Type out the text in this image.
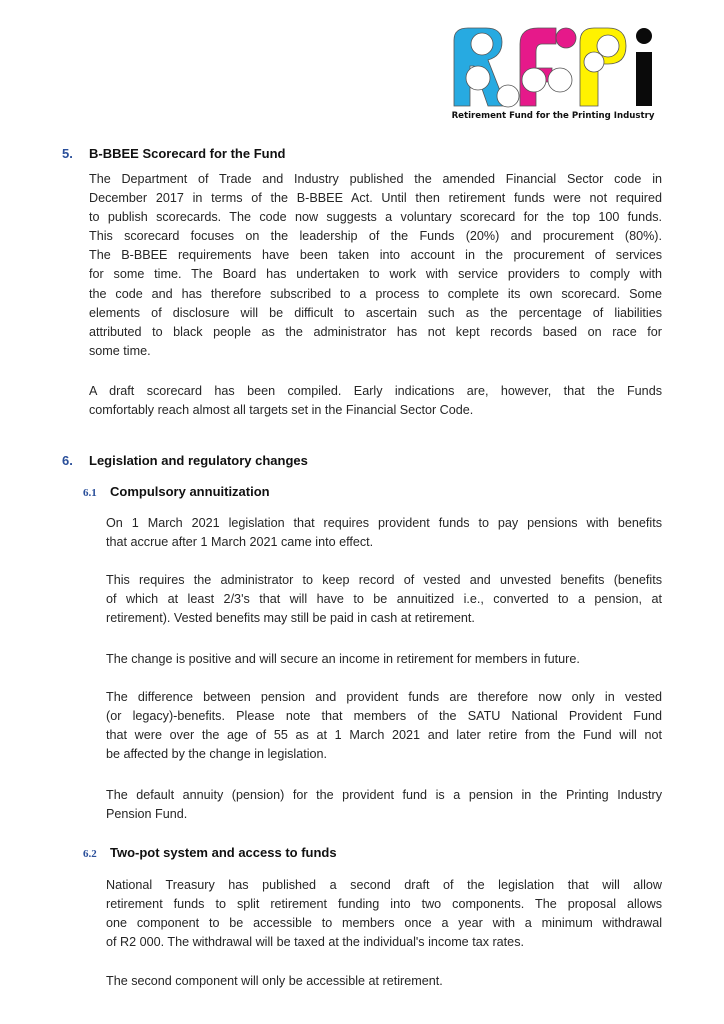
Retirement Fund for the Printing Industry
5. B-BBEE Scorecard for the Fund
The Department of Trade and Industry published the amended Financial Sector code in
December 2017 in terms of the B-BBEE Act. Until then retirement funds were not required
to publish scorecards. The code now suggests a voluntary scorecard for the top 100 funds.
This scorecard focuses on the leadership of the Funds (20%) and procurement (80%).
The B-BBEE requirements have been taken into account in the procurement of services
for some time. The Board has undertaken to work with service providers to comply with
the code and has therefore subscribed to a process to complete its own scorecard. Some
elements of disclosure will be difficult to ascertain such as the percentage of liabilities
attributed to black people as the administrator has not kept records based on race for
some time.
A draft scorecard has been compiled. Early indications are, however, that the Funds
comfortably reach almost all targets set in the Financial Sector Code.
6. Legislation and regulatory changes
6.1 Compulsory annuitization
On 1 March 2021 legislation that requires provident funds to pay pensions with benefits
that accrue after 1 March 2021 came into effect.
This requires the administrator to keep record of vested and unvested benefits (benefits
of which at least 2/3's that will have to be annuitized i.e., converted to a pension, at
retirement). Vested benefits may still be paid in cash at retirement.
The change is positive and will secure an income in retirement for members in future.
The difference between pension and provident funds are therefore now only in vested
(or legacy)-benefits. Please note that members of the SATU National Provident Fund
that were over the age of 55 as at 1 March 2021 and later retire from the Fund will not
be affected by the change in legislation.
The default annuity (pension) for the provident fund is a pension in the Printing Industry
Pension Fund.
6.2 Two-pot system and access to funds
National Treasury has published a second draft of the legislation that will allow
retirement funds to split retirement funding into two components. The proposal allows
one component to be accessible to members once a year with a minimum withdrawal
of R2 000. The withdrawal will be taxed at the individual's income tax rates.
The second component will only be accessible at retirement.
